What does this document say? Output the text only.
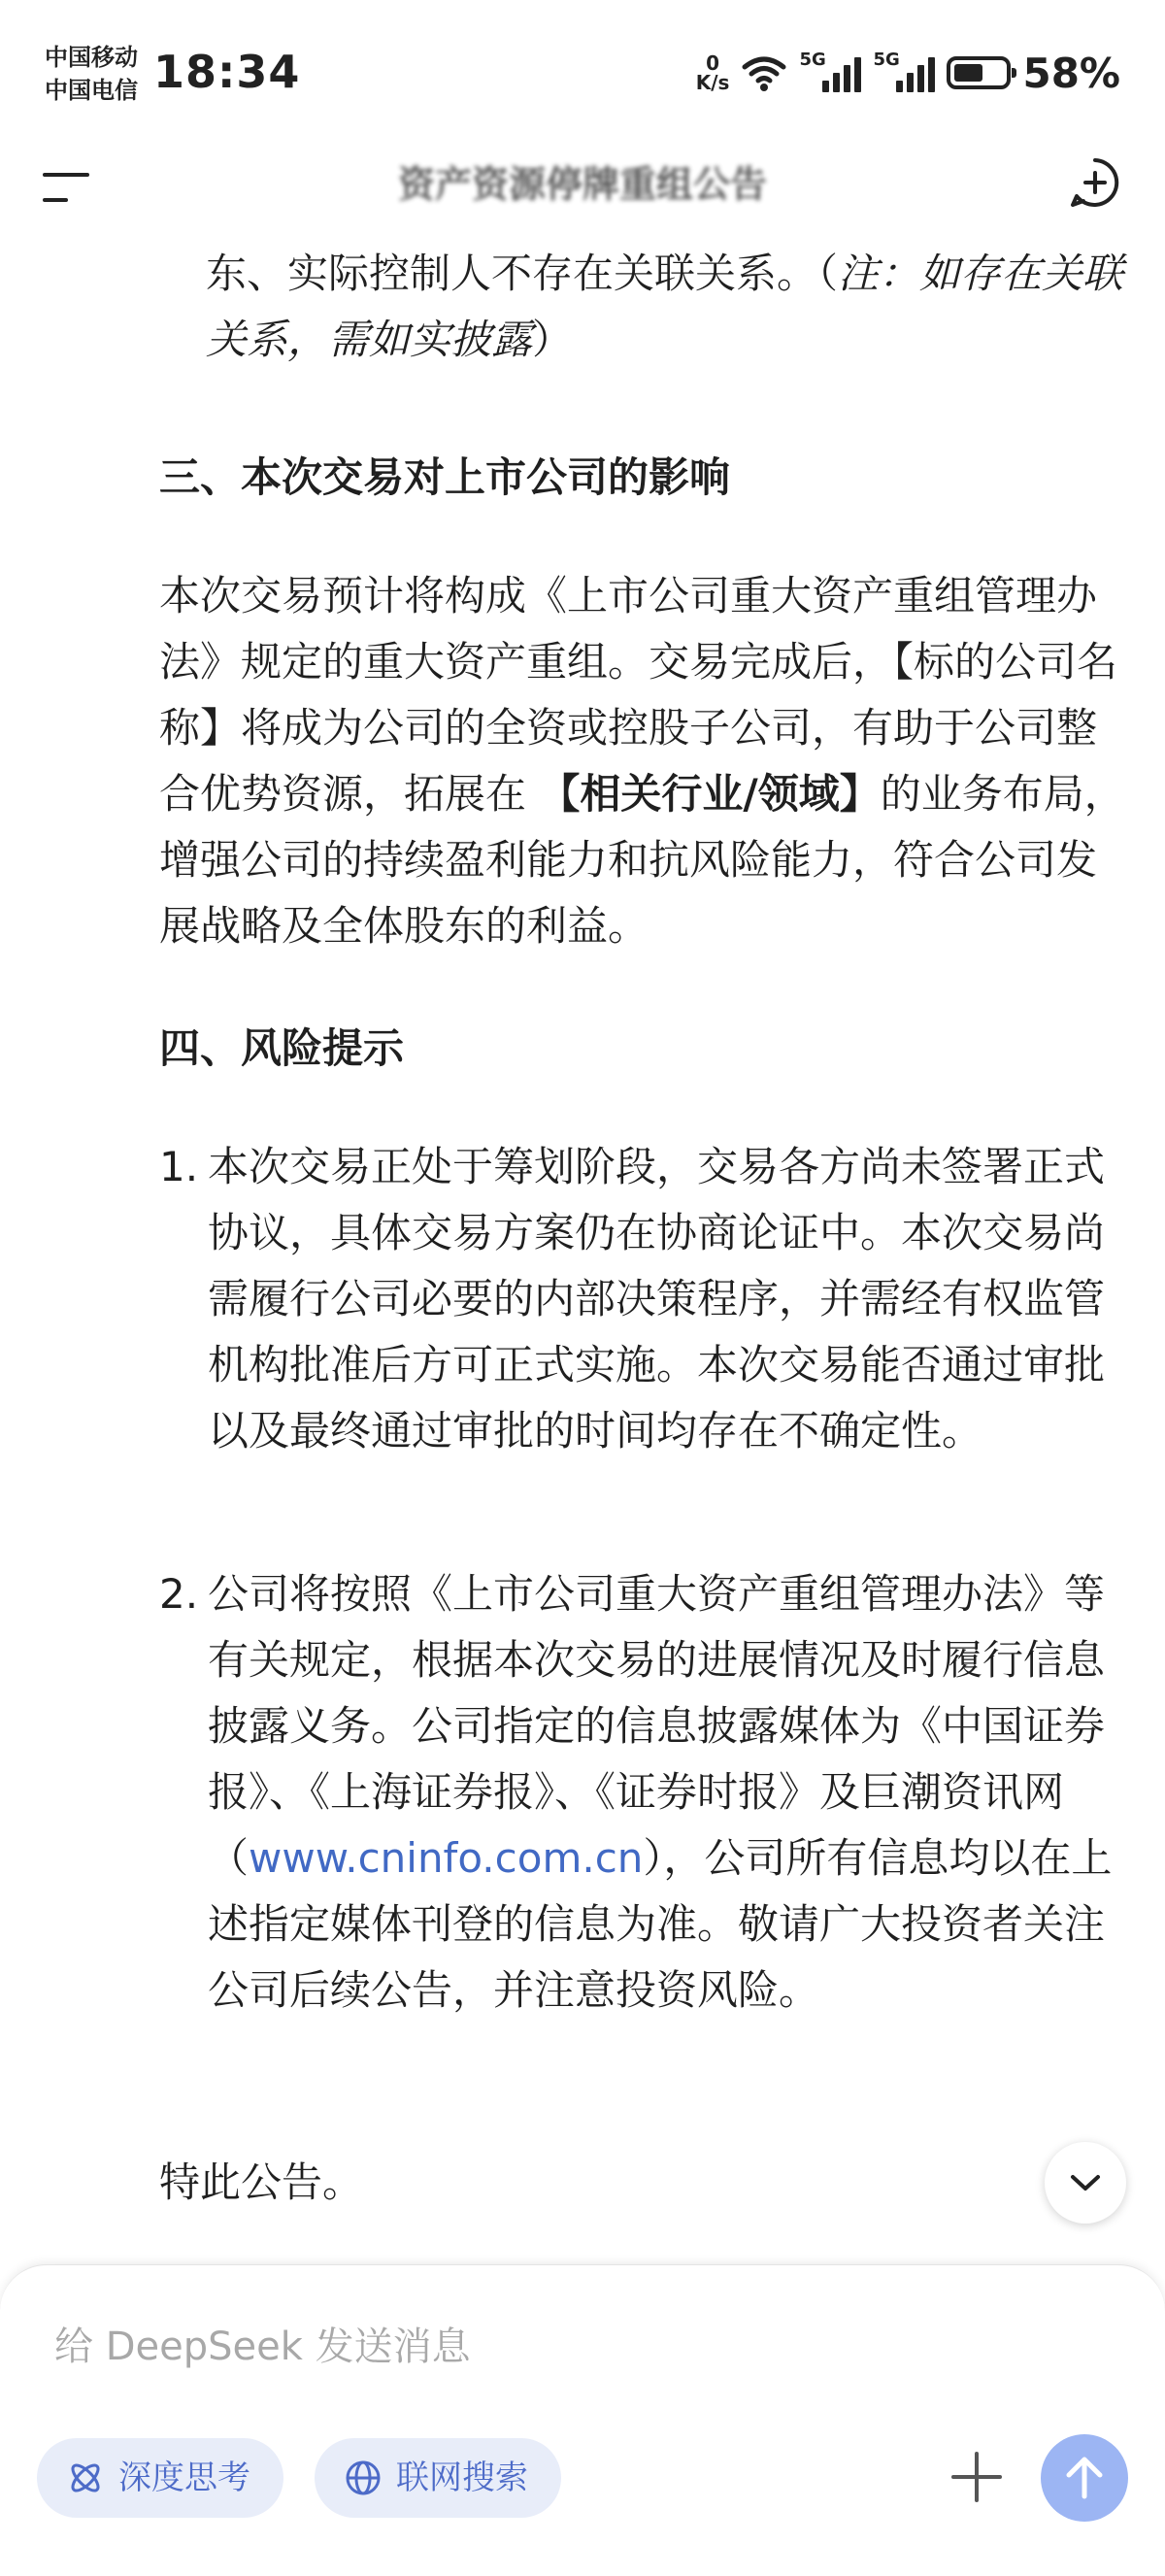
中国移动
中国电信 18:34	0
K/s
5G	5G	58%
东、实际控制人不存在关联关系。（注：如存在关联关系，需如实披露）
三、本次交易对上市公司的影响
本次交易预计将构成《上市公司重大资产重组管理办法》规定的重大资产重组。交易完成后，【标的公司名称】将成为公司的全资或控股子公司，有助于公司整合优势资源，拓展在 【相关行业/领域】的业务布局，增强公司的持续盈利能力和抗风险能力，符合公司发展战略及全体股东的利益。
四、风险提示
1. 本次交易正处于筹划阶段，交易各方尚未签署正式协议，具体交易方案仍在协商论证中。本次交易尚需履行公司必要的内部决策程序，并需经有权监管机构批准后方可正式实施。本次交易能否通过审批以及最终通过审批的时间均存在不确定性。
2. 公司将按照《上市公司重大资产重组管理办法》等有关规定，根据本次交易的进展情况及时履行信息披露义务。公司指定的信息披露媒体为《中国证券报》、《上海证券报》、《证券时报》及巨潮资讯网（www.cninfo.com.cn），公司所有信息均以在上述指定媒体刊登的信息为准。敬请广大投资者关注公司后续公告，并注意投资风险。
特此公告。
资产资源停牌重组公告
给 DeepSeek 发送消息
深度思考	联网搜索
